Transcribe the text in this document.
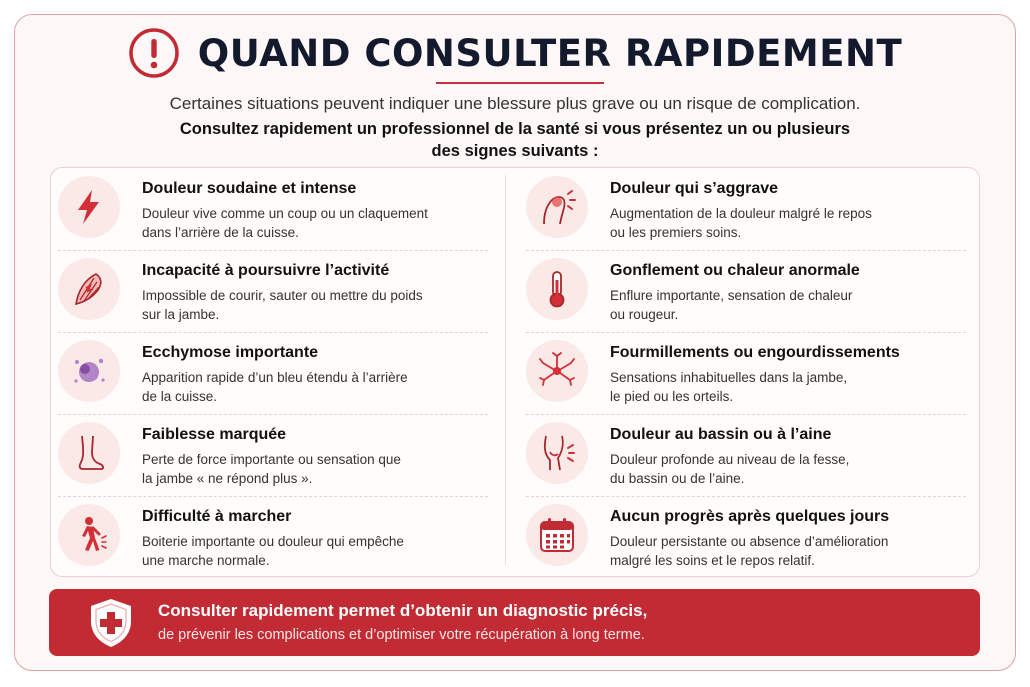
QUAND CONSULTER RAPIDEMENT
Certaines situations peuvent indiquer une blessure plus grave ou un risque de complication.
Consultez rapidement un professionnel de la santé si vous présentez un ou plusieurs
des signes suivants :
Douleur soudaine et intense
Douleur vive comme un coup ou un claquement
dans l’arrière de la cuisse.
Incapacité à poursuivre l’activité
Impossible de courir, sauter ou mettre du poids
sur la jambe.
Ecchymose importante
Apparition rapide d’un bleu étendu à l’arrière
de la cuisse.
Faiblesse marquée
Perte de force importante ou sensation que
la jambe « ne répond plus ».
Difficulté à marcher
Boiterie importante ou douleur qui empêche
une marche normale.
Douleur qui s’aggrave
Augmentation de la douleur malgré le repos
ou les premiers soins.
Gonflement ou chaleur anormale
Enflure importante, sensation de chaleur
ou rougeur.
Fourmillements ou engourdissements
Sensations inhabituelles dans la jambe,
le pied ou les orteils.
Douleur au bassin ou à l’aine
Douleur profonde au niveau de la fesse,
du bassin ou de l’aine.
Aucun progrès après quelques jours
Douleur persistante ou absence d’amélioration
malgré les soins et le repos relatif.
Consulter rapidement permet d’obtenir un diagnostic précis,
de prévenir les complications et d’optimiser votre récupération à long terme.
